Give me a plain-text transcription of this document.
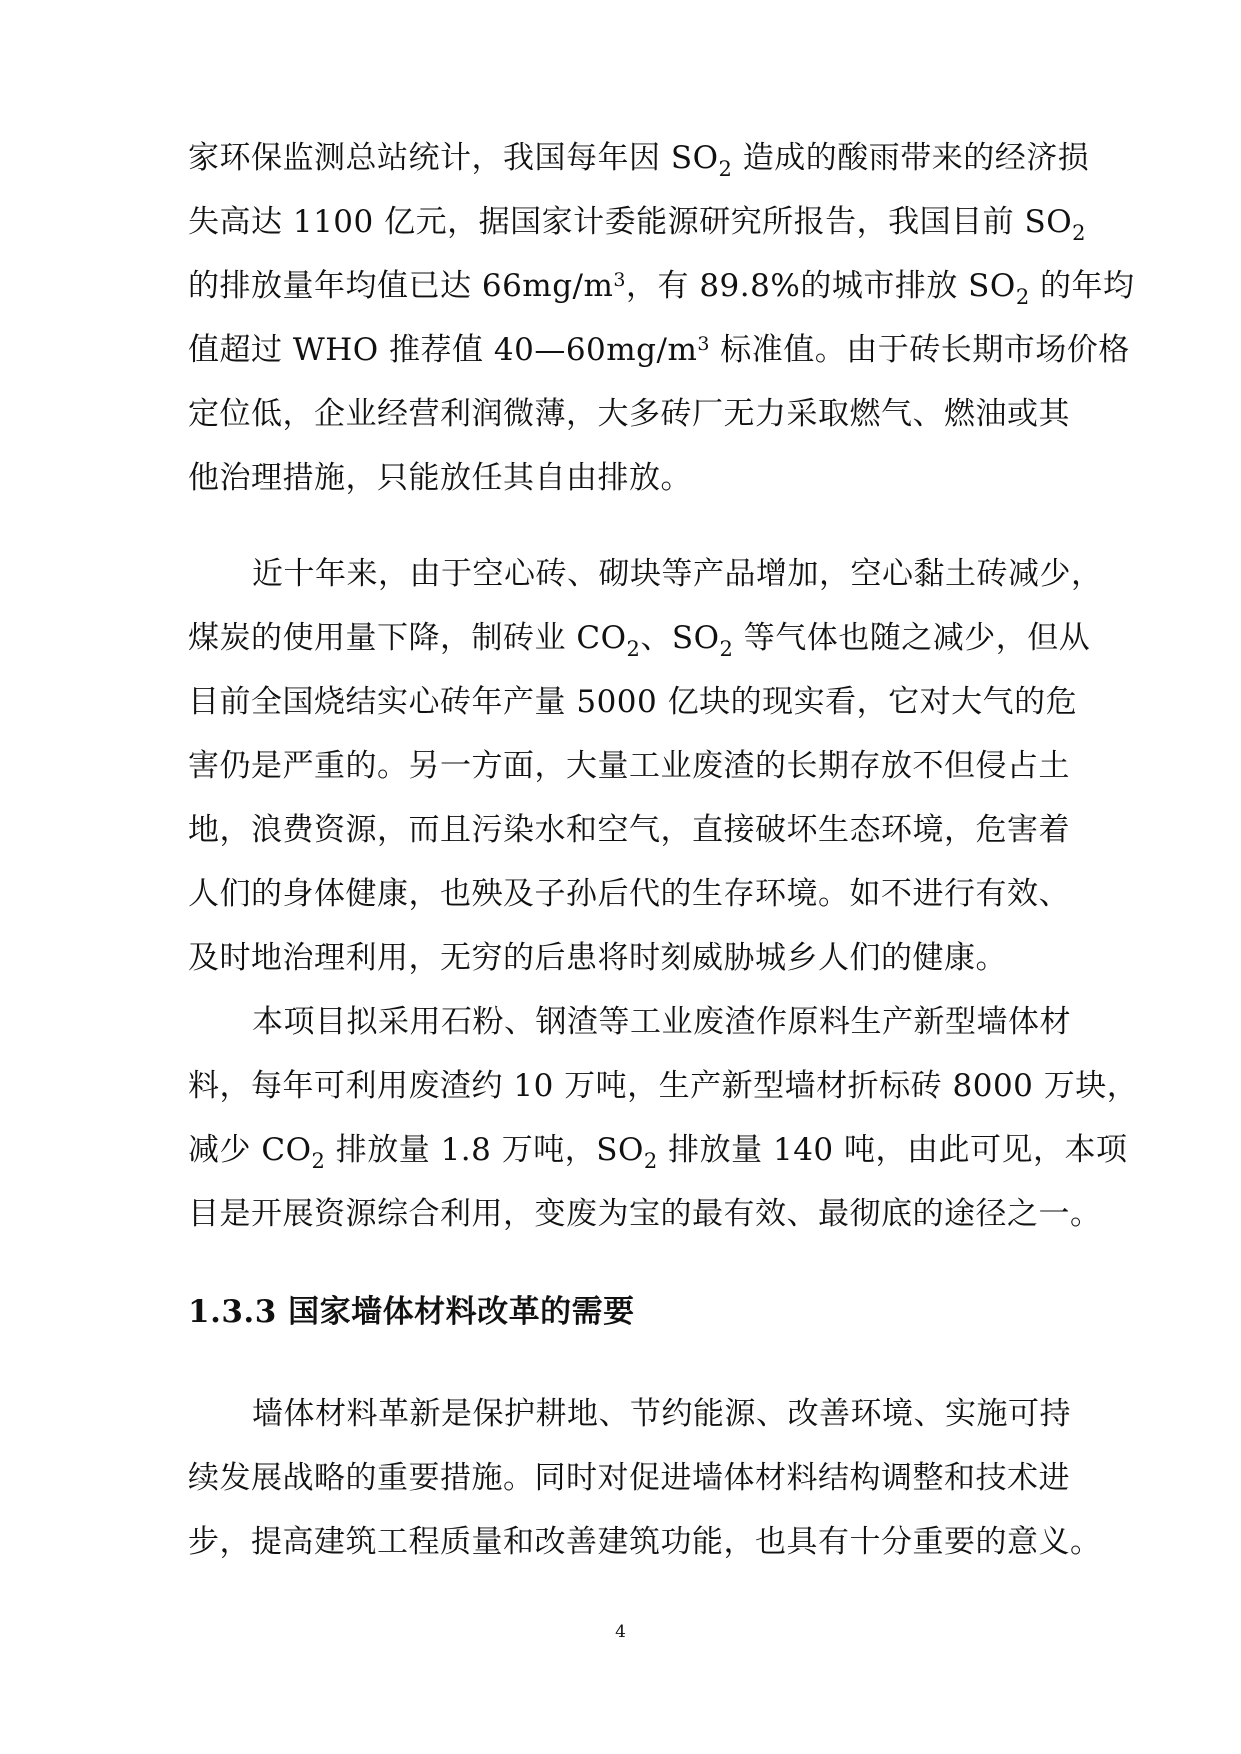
家环保监测总站统计，我国每年因 $SO_2$ 造成的酸雨带来的经济损
失高达 1100 亿元，据国家计委能源研究所报告，我国目前 $SO_2$
的排放量年均值已达 $66mg/m^3$，有 89.8%的城市排放 $SO_2$ 的年均
值超过 WHO 推荐值 $40—60mg/m^3$ 标准值。由于砖长期市场价格
定位低，企业经营利润微薄，大多砖厂无力采取燃气、燃油或其
他治理措施，只能放任其自由排放。
近十年来，由于空心砖、砌块等产品增加，空心黏土砖减少，
煤炭的使用量下降，制砖业 $CO_2$、$SO_2$ 等气体也随之减少，但从
目前全国烧结实心砖年产量 5000 亿块的现实看，它对大气的危
害仍是严重的。另一方面，大量工业废渣的长期存放不但侵占土
地，浪费资源，而且污染水和空气，直接破坏生态环境，危害着
人们的身体健康，也殃及子孙后代的生存环境。如不进行有效、
及时地治理利用，无穷的后患将时刻威胁城乡人们的健康。
本项目拟采用石粉、钢渣等工业废渣作原料生产新型墙体材
料，每年可利用废渣约 10 万吨，生产新型墙材折标砖 8000 万块，
减少 $CO_2$ 排放量 1.8 万吨，$SO_2$ 排放量 140 吨，由此可见，本项
目是开展资源综合利用，变废为宝的最有效、最彻底的途径之一。
1.3.3 国家墙体材料改革的需要
墙体材料革新是保护耕地、节约能源、改善环境、实施可持
续发展战略的重要措施。同时对促进墙体材料结构调整和技术进
步，提高建筑工程质量和改善建筑功能，也具有十分重要的意义。
4
